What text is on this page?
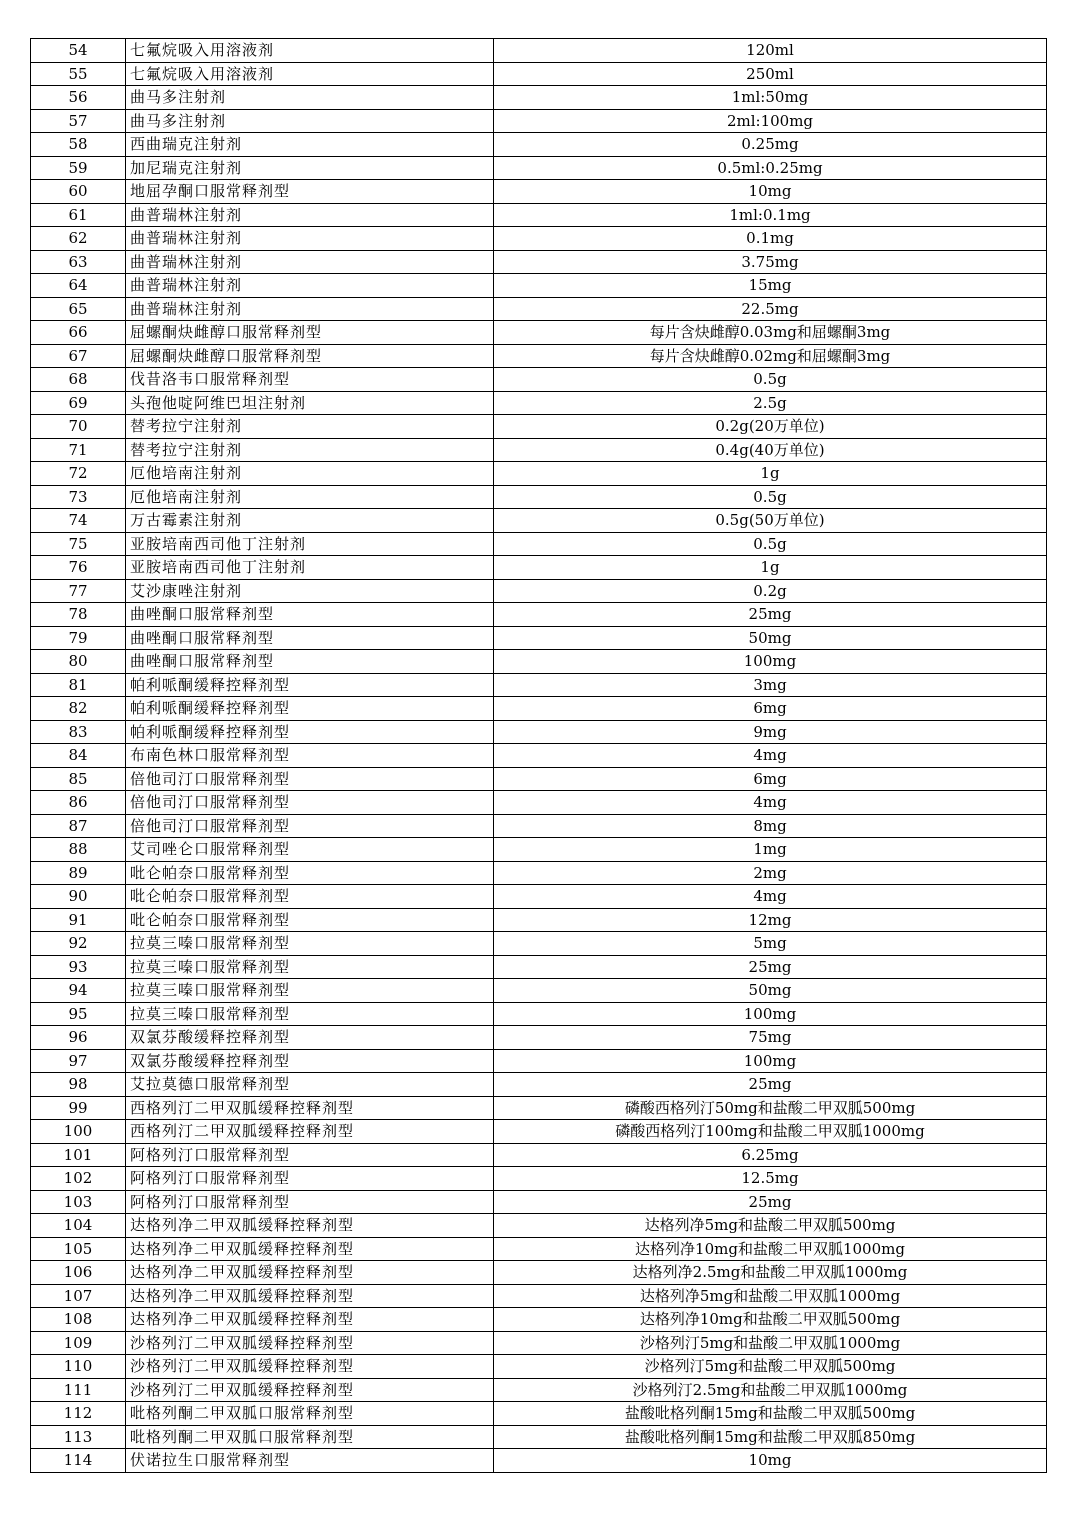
54	七氟烷吸入用溶液剂	120ml
55	七氟烷吸入用溶液剂	250ml
56	曲马多注射剂	1ml:50mg
57	曲马多注射剂	2ml:100mg
58	西曲瑞克注射剂	0.25mg
59	加尼瑞克注射剂	0.5ml:0.25mg
60	地屈孕酮口服常释剂型	10mg
61	曲普瑞林注射剂	1ml:0.1mg
62	曲普瑞林注射剂	0.1mg
63	曲普瑞林注射剂	3.75mg
64	曲普瑞林注射剂	15mg
65	曲普瑞林注射剂	22.5mg
66	屈螺酮炔雌醇口服常释剂型	每片含炔雌醇0.03mg和屈螺酮3mg
67	屈螺酮炔雌醇口服常释剂型	每片含炔雌醇0.02mg和屈螺酮3mg
68	伐昔洛韦口服常释剂型	0.5g
69	头孢他啶阿维巴坦注射剂	2.5g
70	替考拉宁注射剂	0.2g(20万单位)
71	替考拉宁注射剂	0.4g(40万单位)
72	厄他培南注射剂	1g
73	厄他培南注射剂	0.5g
74	万古霉素注射剂	0.5g(50万单位)
75	亚胺培南西司他丁注射剂	0.5g
76	亚胺培南西司他丁注射剂	1g
77	艾沙康唑注射剂	0.2g
78	曲唑酮口服常释剂型	25mg
79	曲唑酮口服常释剂型	50mg
80	曲唑酮口服常释剂型	100mg
81	帕利哌酮缓释控释剂型	3mg
82	帕利哌酮缓释控释剂型	6mg
83	帕利哌酮缓释控释剂型	9mg
84	布南色林口服常释剂型	4mg
85	倍他司汀口服常释剂型	6mg
86	倍他司汀口服常释剂型	4mg
87	倍他司汀口服常释剂型	8mg
88	艾司唑仑口服常释剂型	1mg
89	吡仑帕奈口服常释剂型	2mg
90	吡仑帕奈口服常释剂型	4mg
91	吡仑帕奈口服常释剂型	12mg
92	拉莫三嗪口服常释剂型	5mg
93	拉莫三嗪口服常释剂型	25mg
94	拉莫三嗪口服常释剂型	50mg
95	拉莫三嗪口服常释剂型	100mg
96	双氯芬酸缓释控释剂型	75mg
97	双氯芬酸缓释控释剂型	100mg
98	艾拉莫德口服常释剂型	25mg
99	西格列汀二甲双胍缓释控释剂型	磷酸西格列汀50mg和盐酸二甲双胍500mg
100	西格列汀二甲双胍缓释控释剂型	磷酸西格列汀100mg和盐酸二甲双胍1000mg
101	阿格列汀口服常释剂型	6.25mg
102	阿格列汀口服常释剂型	12.5mg
103	阿格列汀口服常释剂型	25mg
104	达格列净二甲双胍缓释控释剂型	达格列净5mg和盐酸二甲双胍500mg
105	达格列净二甲双胍缓释控释剂型	达格列净10mg和盐酸二甲双胍1000mg
106	达格列净二甲双胍缓释控释剂型	达格列净2.5mg和盐酸二甲双胍1000mg
107	达格列净二甲双胍缓释控释剂型	达格列净5mg和盐酸二甲双胍1000mg
108	达格列净二甲双胍缓释控释剂型	达格列净10mg和盐酸二甲双胍500mg
109	沙格列汀二甲双胍缓释控释剂型	沙格列汀5mg和盐酸二甲双胍1000mg
110	沙格列汀二甲双胍缓释控释剂型	沙格列汀5mg和盐酸二甲双胍500mg
111	沙格列汀二甲双胍缓释控释剂型	沙格列汀2.5mg和盐酸二甲双胍1000mg
112	吡格列酮二甲双胍口服常释剂型	盐酸吡格列酮15mg和盐酸二甲双胍500mg
113	吡格列酮二甲双胍口服常释剂型	盐酸吡格列酮15mg和盐酸二甲双胍850mg
114	伏诺拉生口服常释剂型	10mg
